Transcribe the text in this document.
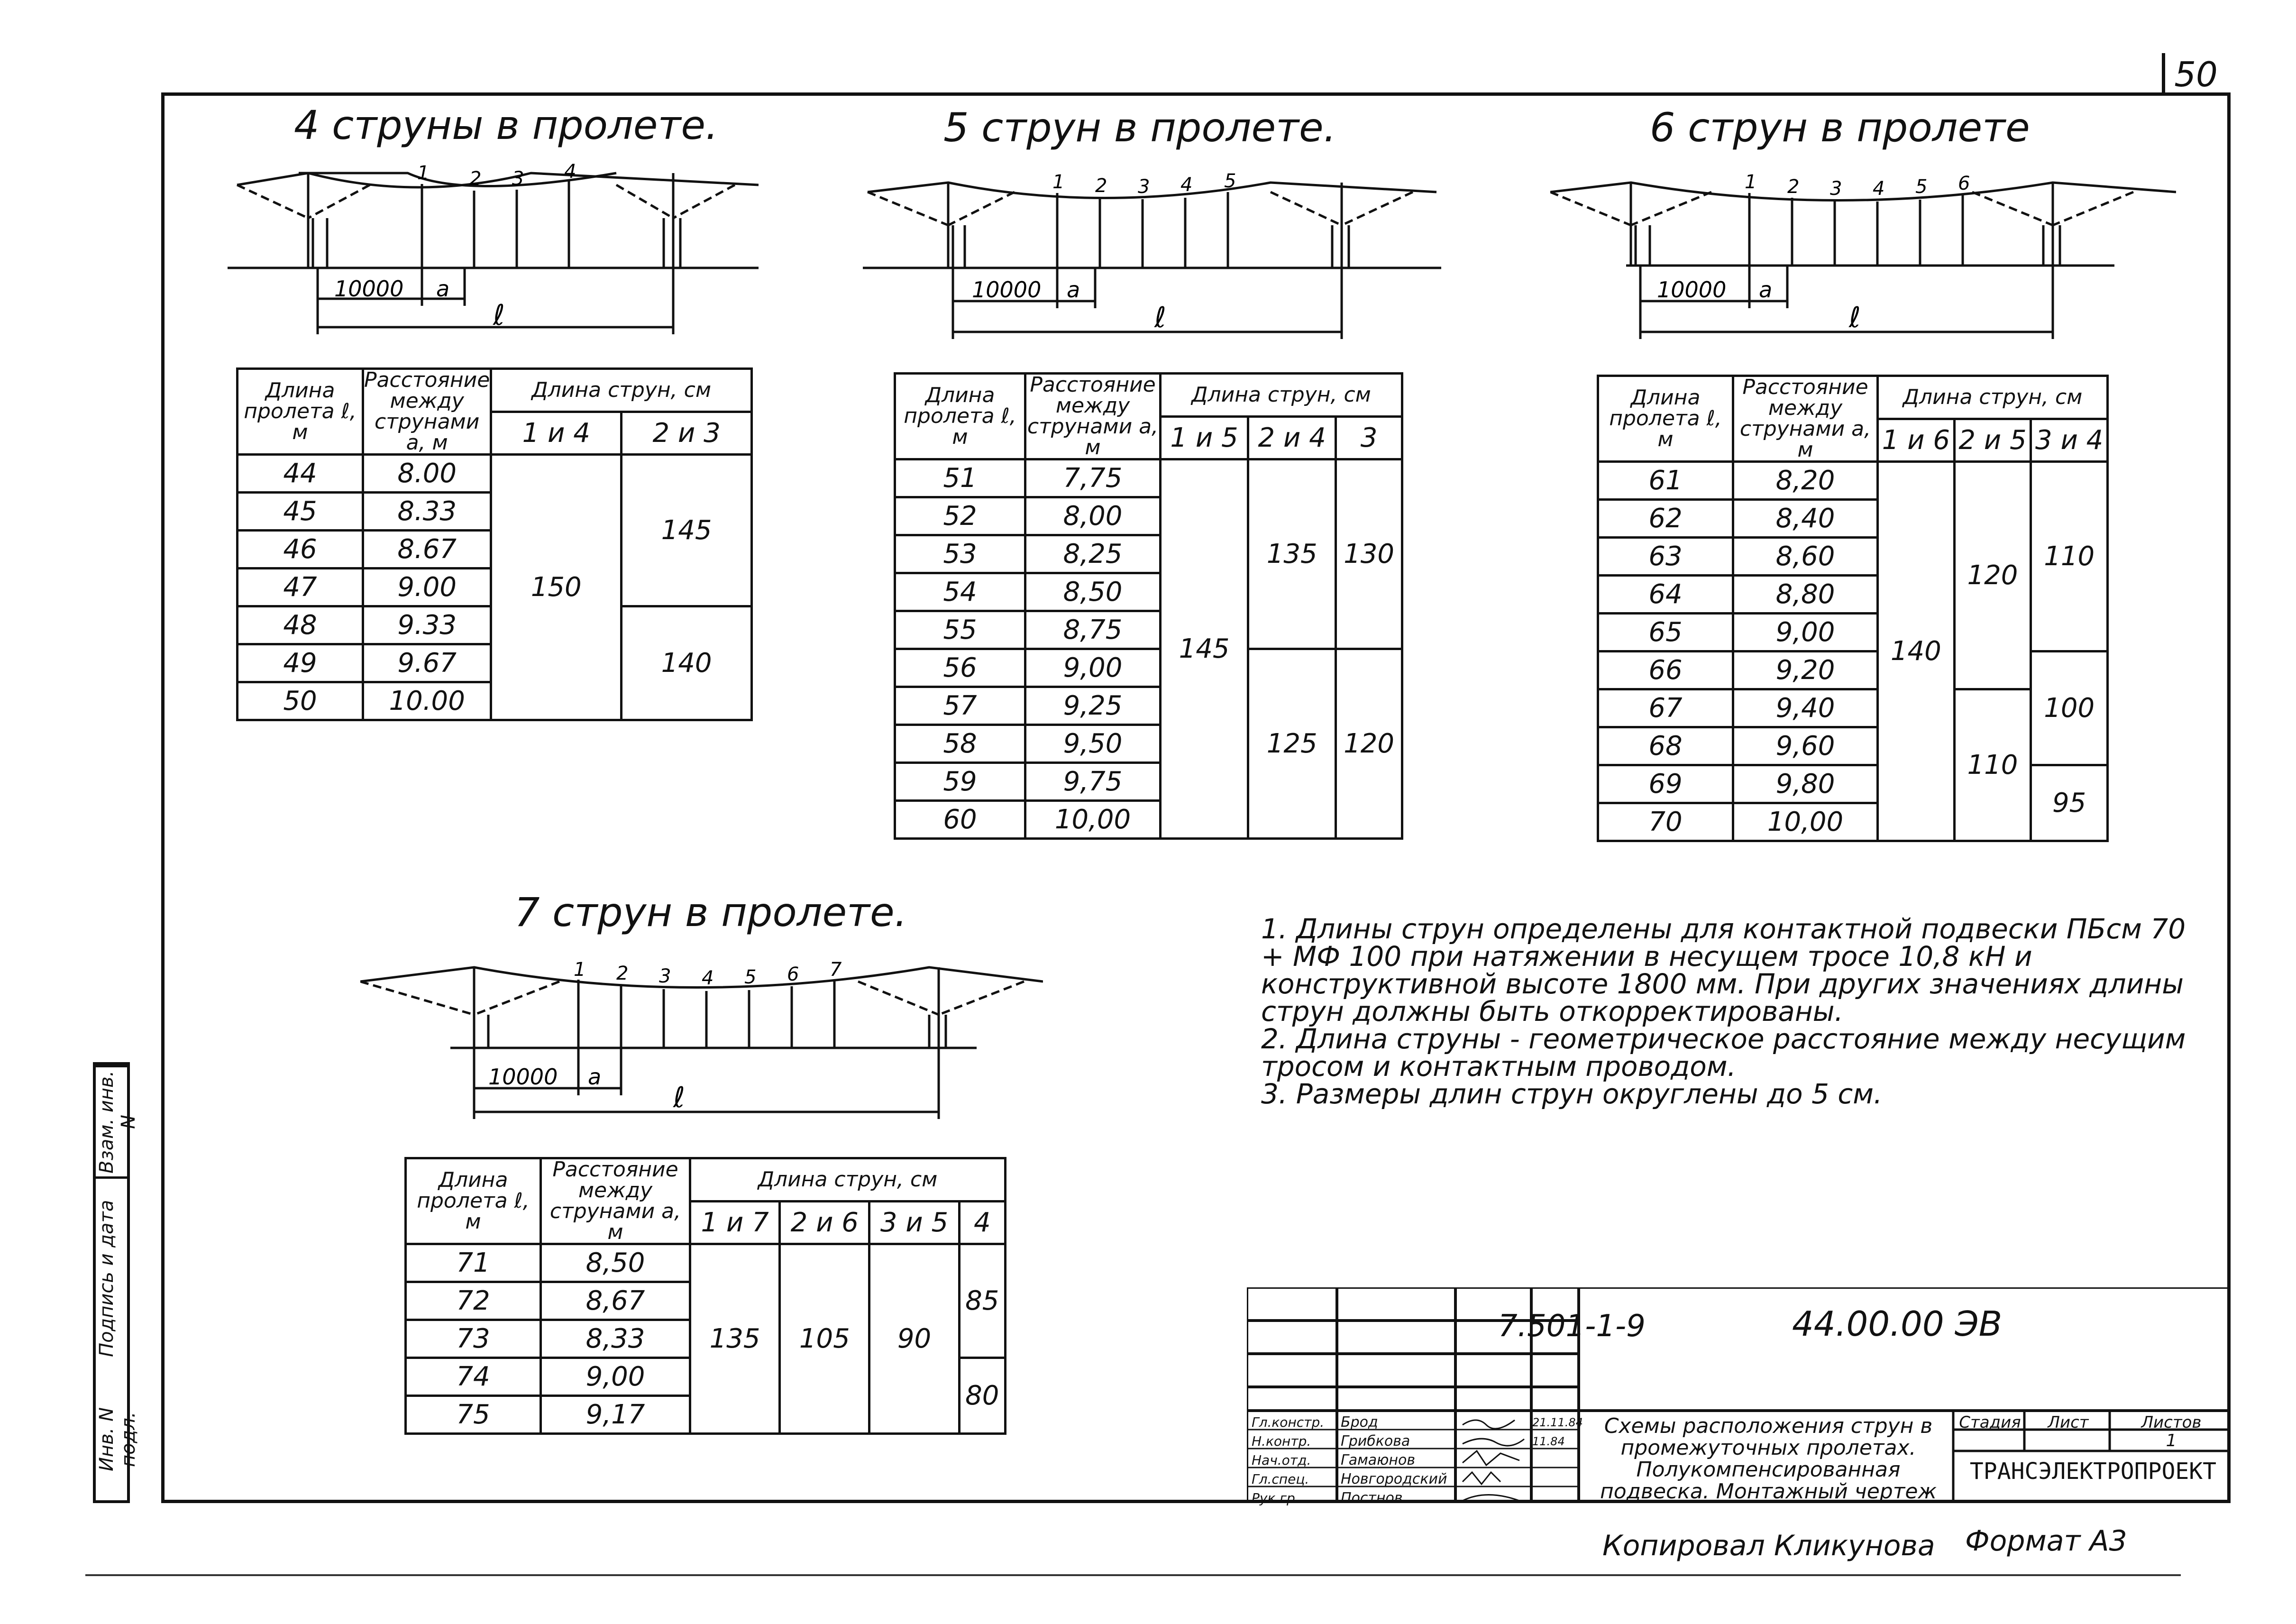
50
Взам. инв. N
Подпись и дата
Инв. N подл.
4 струны в пролете.
1 2 3 4
10000 а
ℓ
Длина пролета ℓ, м	Расстояние между струнами а, м	Длина струн, см	
		1 и 4	2 и 3
44	8.00	150	145
45	8.33		
46	8.67		
47	9.00		
48	9.33		140
49	9.67		
50	10.00		
5 струн в пролете.
1 2 3 4 5
10000 а
ℓ
Длина пролета ℓ, м	Расстояние между струнами а, м	Длина струн, см		
		1 и 5	2 и 4	3
51	7,75	145	135	130
52	8,00			
53	8,25			
54	8,50			
55	8,75			
56	9,00		125	120
57	9,25			
58	9,50			
59	9,75			
60	10,00			
6 струн в пролете
1 2 3 4 5 6
10000 а
ℓ
Длина пролета ℓ, м	Расстояние между струнами а, м	Длина струн, см		
		1 и 6	2 и 5	3 и 4
61	8,20	140	120	110
62	8,40			
63	8,60			
64	8,80			
65	9,00			
66	9,20			100
67	9,40		110	
68	9,60			
69	9,80			95
70	10,00			
7 струн в пролете.
1 2 3 4 5 6 7
10000 а
ℓ
Длина пролета ℓ, м	Расстояние между струнами а, м	Длина струн, см			
		1 и 7	2 и 6	3 и 5	4
71	8,50	135	105	90	85
72	8,67				
73	8,33				
74	9,00				80
75	9,17				

1. Длины струн определены для контактной подвески ПБсм 70 + МФ 100 при натяжении в несущем тросе 10,8 кН и конструктивной высоте 1800 мм. При других значениях длины струн должны быть откорректированы.

2. Длина струны - геометрическое расстояние между несущим тросом и контактным проводом.

3. Размеры длин струн округлены до 5 см.

7.501-1-9	44.00.00 ЭВ
Гл.констр.
Н.контр.
Нач.отд.
Гл.спец.
Рук.гр.
Брод
Грибкова
Гамаюнов
Новгородский
Постнов
21.11.84
11.84
Схемы расположения струн в промежуточных пролетах. Полукомпенсированная подвеска. Монтажный чертеж
Стадия	Лист	Листов
1
ТРАНСЭЛЕКТРОПРОЕКТ
Копировал Кликунова Формат А3
